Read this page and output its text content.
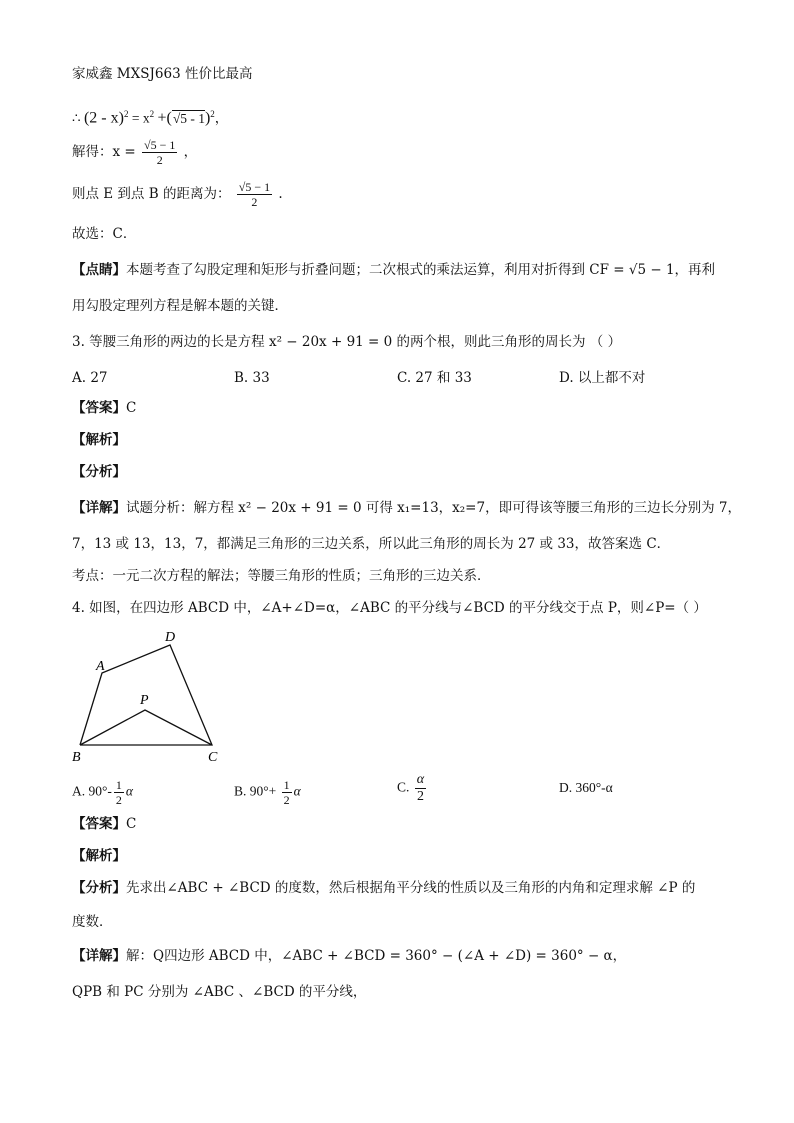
家威鑫 MXSJ663 性价比最高
∴ $(2 - x)^2 = x^2 +(√5 - 1)^2$，
解得：$x = \frac{√5 - 1}{2}$ ，
则点 E 到点 B 的距离为： $\frac{√5 - 1}{2}$ .
故选：C．
【点睛】本题考查了勾股定理和矩形与折叠问题；二次根式的乘法运算，利用对折得到 CF = √5 − 1，再利
用勾股定理列方程是解本题的关键．
3. 等腰三角形的两边的长是方程 x² − 20x + 91 = 0 的两个根，则此三角形的周长为 （ ）
A. 27	B. 33	C. 27 和 33	D. 以上都不对
【答案】C
【解析】
【分析】
【详解】试题分析：解方程 x² − 20x + 91 = 0 可得 x₁=13，x₂=7，即可得该等腰三角形的三边长分别为 7，
7，13 或 13，13，7，都满足三角形的三边关系，所以此三角形的周长为 27 或 33，故答案选 C．
考点：一元二次方程的解法；等腰三角形的性质；三角形的三边关系．
4. 如图，在四边形 ABCD 中，∠A+∠D=α，∠ABC 的平分线与∠BCD 的平分线交于点 P，则∠P=（ ）
A
D
P
B	C
A. $90^\circ- \frac{1}{2}$ α	B. $90^\circ+ \frac{1}{2}$ α	C. $\frac{\alpha}{2}$	D. 360°-α
【答案】C
【解析】
【分析】先求出∠ABC + ∠BCD 的度数，然后根据角平分线的性质以及三角形的内角和定理求解 ∠P 的
度数．
【详解】解：Q四边形 ABCD 中，∠ABC + ∠BCD = 360° − (∠A + ∠D) = 360° − α，
QPB 和 PC 分别为 ∠ABC 、∠BCD 的平分线，
